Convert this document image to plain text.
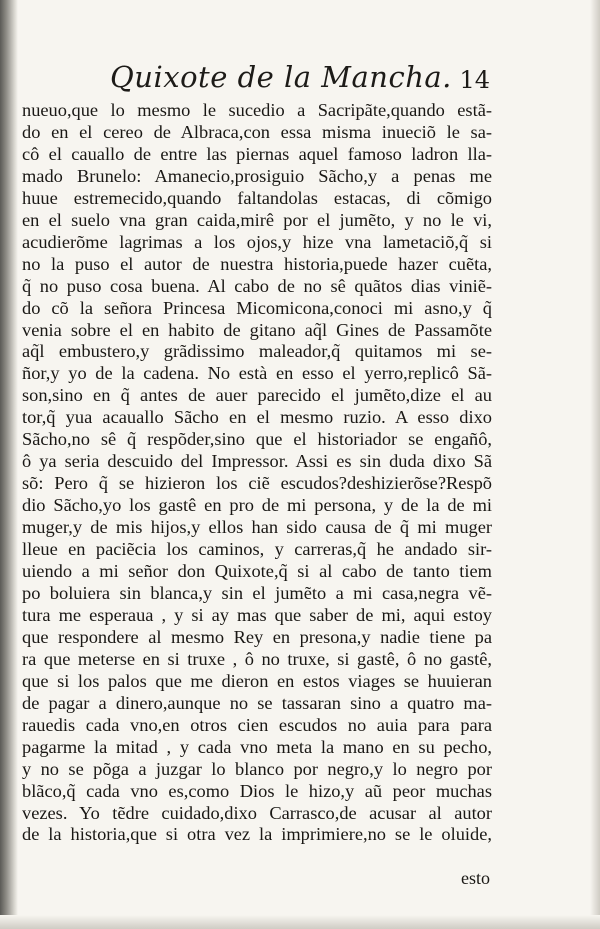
Quixote de la Mancha. 14
nueuo,que lo mesmo le sucedio a Sacripãte,quando estã-
do en el cereo de Albraca,con essa misma inueciõ le sa-
cô el cauallo de entre las piernas aquel famoso ladron lla-
mado Brunelo: Amanecio,prosiguio Sãcho,y a penas me
huue estremecido,quando faltandolas estacas, di cõmigo
en el suelo vna gran caida,mirê por el jumẽto, y no le vi,
acudierõme lagrimas a los ojos,y hize vna lametaciõ,q̃ si
no la puso el autor de nuestra historia,puede hazer cuẽta,
q̃ no puso cosa buena. Al cabo de no sê quãtos dias viniẽ-
do cõ la señora Princesa Micomicona,conoci mi asno,y q̃
venia sobre el en habito de gitano aq̃l Gines de Passamõte
aq̃l embustero,y grãdissimo maleador,q̃ quitamos mi se-
ñor,y yo de la cadena. No està en esso el yerro,replicô Sã-
son,sino en q̃ antes de auer parecido el jumẽto,dize el au
tor,q̃ yua acauallo Sãcho en el mesmo ruzio. A esso dixo
Sãcho,no sê q̃ respõder,sino que el historiador se engañô,
ô ya seria descuido del Impressor. Assi es sin duda dixo Sã
sõ: Pero q̃ se hizieron los ciẽ escudos?deshizierõse?Respõ
dio Sãcho,yo los gastê en pro de mi persona, y de la de mi
muger,y de mis hijos,y ellos han sido causa de q̃ mi muger
lleue en paciẽcia los caminos, y carreras,q̃ he andado sir-
uiendo a mi señor don Quixote,q̃ si al cabo de tanto tiem
po boluiera sin blanca,y sin el jumẽto a mi casa,negra vẽ-
tura me esperaua , y si ay mas que saber de mi, aqui estoy
que respondere al mesmo Rey en presona,y nadie tiene pa
ra que meterse en si truxe , ô no truxe, si gastê, ô no gastê,
que si los palos que me dieron en estos viages se huuieran
de pagar a dinero,aunque no se tassaran sino a quatro ma-
rauedis cada vno,en otros cien escudos no auia para para
pagarme la mitad , y cada vno meta la mano en su pecho,
y no se põga a juzgar lo blanco por negro,y lo negro por
blãco,q̃ cada vno es,como Dios le hizo,y aũ peor muchas
vezes. Yo tẽdre cuidado,dixo Carrasco,de acusar al autor
de la historia,que si otra vez la imprimiere,no se le oluide,
esto
